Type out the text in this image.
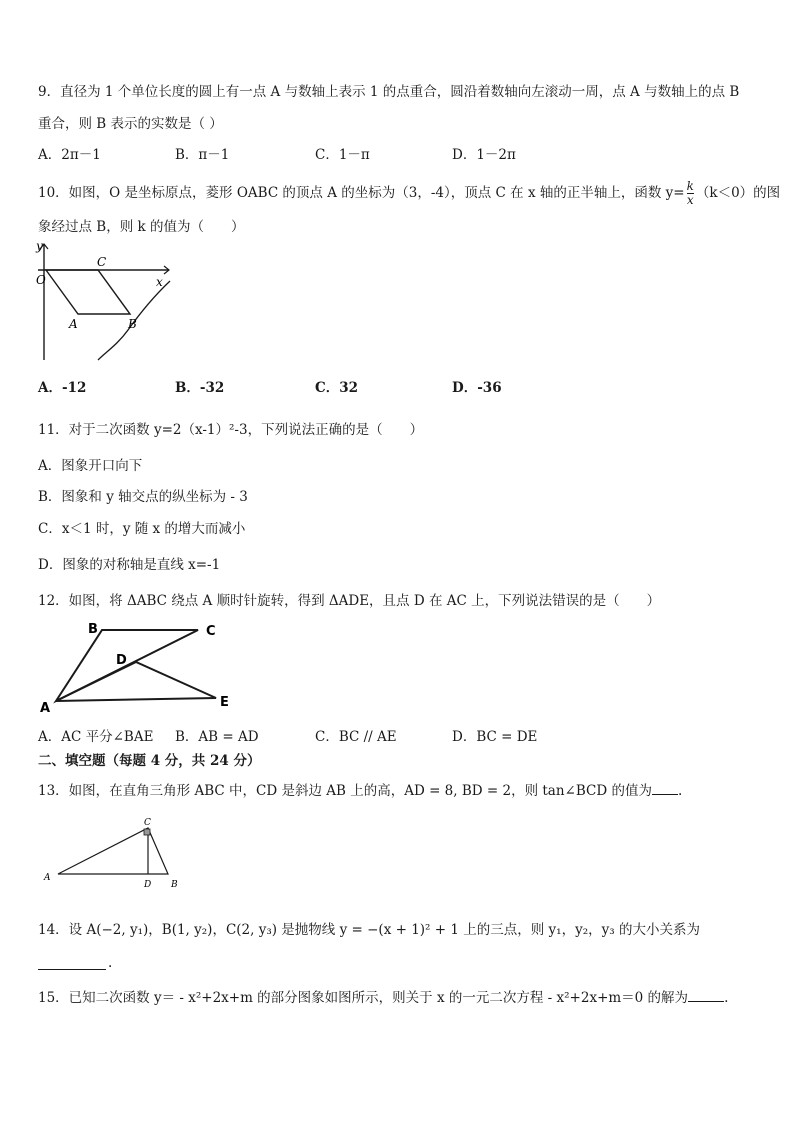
9．直径为 1 个单位长度的圆上有一点 A 与数轴上表示 1 的点重合，圆沿着数轴向左滚动一周，点 A 与数轴上的点 B
重合，则 B 表示的实数是（ ）
A．2π－1	B．π－1	C．1－π	D．1－2π
10．如图，O 是坐标原点，菱形 OABC 的顶点 A 的坐标为（3，-4），顶点 C 在 x 轴的正半轴上，函数 $y= \frac{k}{x} (k<0)$的图
象经过点 B，则 k 的值为（　　）
y
O
C
x
A	B
A．-12	B．-32	C．32	D．-36
11．对于二次函数 y=2（x-1）²-3，下列说法正确的是（　　）
A．图象开口向下
B．图象和 y 轴交点的纵坐标为 - 3
C．x＜1 时，y 随 x 的增大而减小
D．图象的对称轴是直线 x=-1
12．如图，将 ΔABC 绕点 A 顺时针旋转，得到 ΔADE，且点 D 在 AC 上，下列说法错误的是（　　）
B	C
D
A	E
A．AC 平分∠BAE B．AB = AD	C．BC // AE	D．BC = DE
二、填空题（每题 4 分，共 24 分）
13．如图，在直角三角形 ABC 中，CD 是斜边 AB 上的高，AD = 8, BD = 2，则 tan∠BCD 的值为 .
C
A
D B
14．设 A(−2, y₁)，B(1, y₂)，C(2, y₃) 是抛物线 y = −(x + 1)² + 1 上的三点，则 y₁，y₂，y₃ 的大小关系为
.
15．已知二次函数 y＝ - x²+2x+m 的部分图象如图所示，则关于 x 的一元二次方程 - x²+2x+m＝0 的解为	.
